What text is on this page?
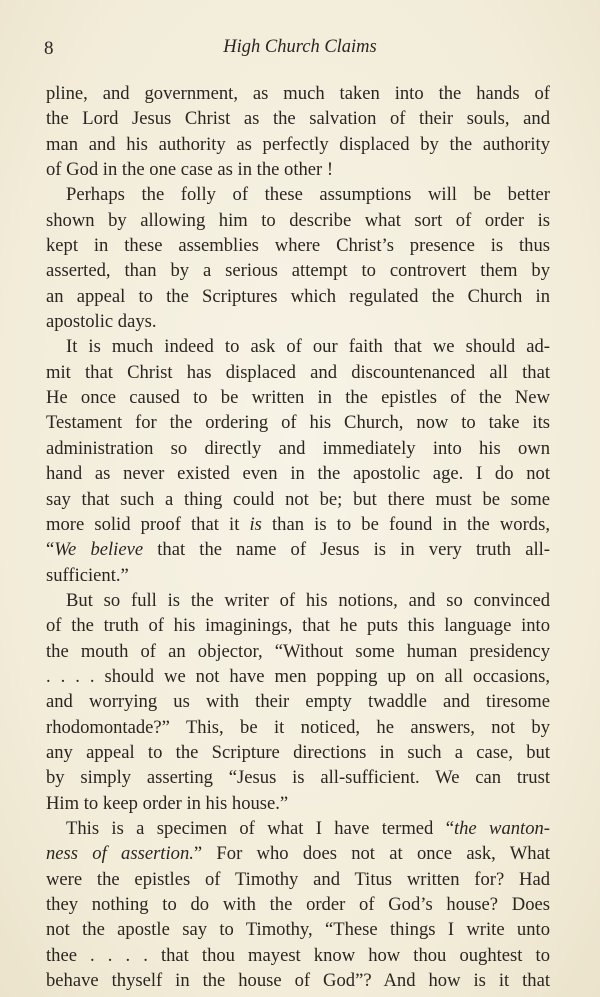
8	High Church Claims
pline, and government, as much taken into the hands of
the Lord Jesus Christ as the salvation of their souls, and
man and his authority as perfectly displaced by the authority
of God in the one case as in the other !
Perhaps the folly of these assumptions will be better
shown by allowing him to describe what sort of order is
kept in these assemblies where Christ’s presence is thus
asserted, than by a serious attempt to controvert them by
an appeal to the Scriptures which regulated the Church in
apostolic days.
It is much indeed to ask of our faith that we should ad-
mit that Christ has displaced and discountenanced all that
He once caused to be written in the epistles of the New
Testament for the ordering of his Church, now to take its
administration so directly and immediately into his own
hand as never existed even in the apostolic age. I do not
say that such a thing could not be; but there must be some
more solid proof that it is than is to be found in the words,
“We believe that the name of Jesus is in very truth all-
sufficient.”
But so full is the writer of his notions, and so convinced
of the truth of his imaginings, that he puts this language into
the mouth of an objector, “Without some human presidency
. . . . should we not have men popping up on all occasions,
and worrying us with their empty twaddle and tiresome
rhodomontade?” This, be it noticed, he answers, not by
any appeal to the Scripture directions in such a case, but
by simply asserting “Jesus is all-sufficient. We can trust
Him to keep order in his house.”
This is a specimen of what I have termed “the wanton-
ness of assertion.” For who does not at once ask, What
were the epistles of Timothy and Titus written for? Had
they nothing to do with the order of God’s house? Does
not the apostle say to Timothy, “These things I write unto
thee . . . . that thou mayest know how thou oughtest to
behave thyself in the house of God”? And how is it that
